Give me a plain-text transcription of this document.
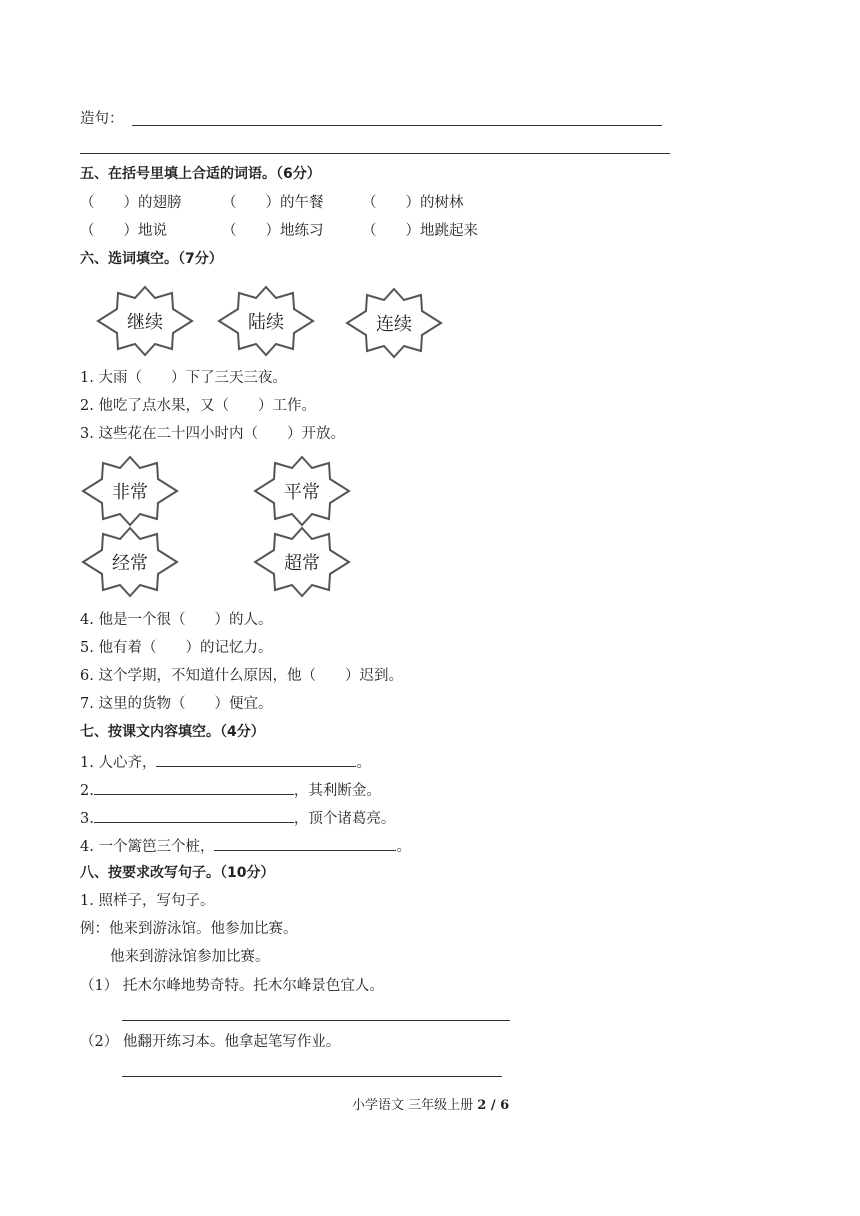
造句：
五、在括号里填上合适的词语。（6分）
（　　）的翅膀	（　　）的午餐	（　　）的树林
（　　）地说	（　　）地练习	（　　）地跳起来
六、选词填空。（7分）
继续	陆续	连续
1. 大雨（　　）下了三天三夜。
2. 他吃了点水果，又（　　）工作。
3. 这些花在二十四小时内（　　）开放。
非常	平常
经常	超常
4. 他是一个很（　　）的人。
5. 他有着（　　）的记忆力。
6. 这个学期，不知道什么原因，他（　　）迟到。
7. 这里的货物（　　）便宜。
七、按课文内容填空。（4分）
1. 人心齐，	。
2.	，其利断金。
3.	，顶个诸葛亮。
4. 一个篱笆三个桩，	。
八、按要求改写句子。（10分）
1. 照样子，写句子。
例：他来到游泳馆。他参加比赛。
他来到游泳馆参加比赛。
（1） 托木尔峰地势奇特。托木尔峰景色宜人。
（2） 他翻开练习本。他拿起笔写作业。
小学语文 三年级上册 2 / 6
